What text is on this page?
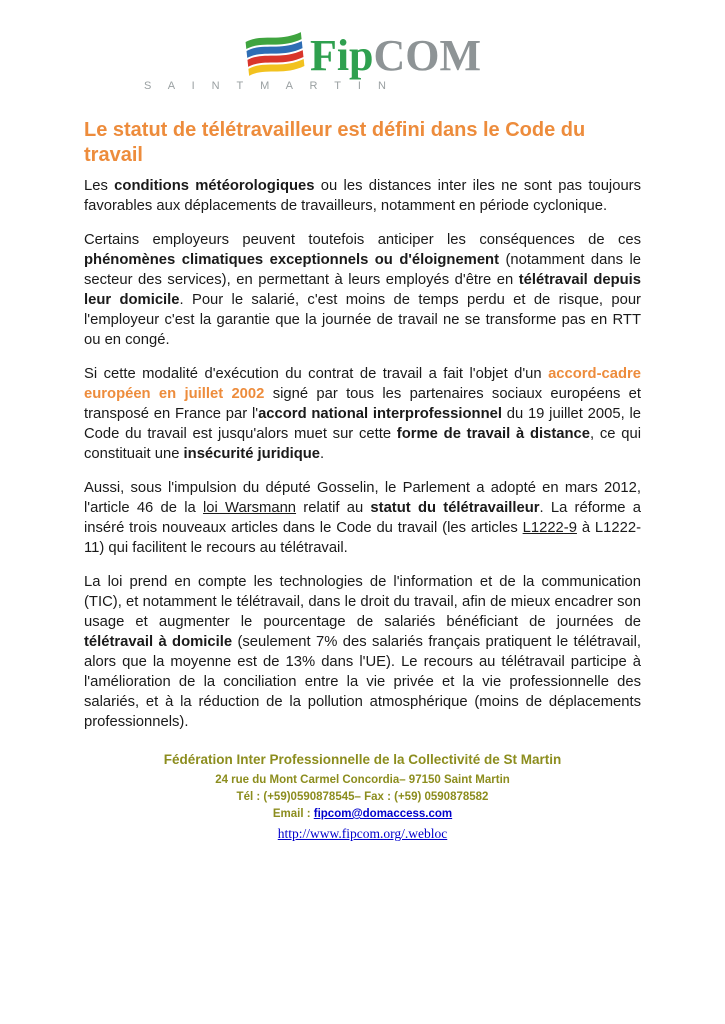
FipCOM
S A I N T M A R T I N
Le statut de télétravailleur est défini dans le Code du travail

Les conditions météorologiques ou les distances inter iles ne sont pas toujours favorables aux déplacements de travailleurs, notamment en période cyclonique.

Certains employeurs peuvent toutefois anticiper les conséquences de ces phénomènes climatiques exceptionnels ou d'éloignement (notamment dans le secteur des services), en permettant à leurs employés d'être en télétravail depuis leur domicile. Pour le salarié, c'est moins de temps perdu et de risque, pour l'employeur c'est la garantie que la journée de travail ne se transforme pas en RTT ou en congé.

Si cette modalité d'exécution du contrat de travail a fait l'objet d'un accord-cadre européen en juillet 2002 signé par tous les partenaires sociaux européens et transposé en France par l'accord national interprofessionnel du 19 juillet 2005, le Code du travail est jusqu'alors muet sur cette forme de travail à distance, ce qui constituait une insécurité juridique.

Aussi, sous l'impulsion du député Gosselin, le Parlement a adopté en mars 2012, l'article 46 de la loi Warsmann relatif au statut du télétravailleur. La réforme a inséré trois nouveaux articles dans le Code du travail (les articles L1222-9 à L1222-11) qui facilitent le recours au télétravail.

La loi prend en compte les technologies de l'information et de la communication (TIC), et notamment le télétravail, dans le droit du travail, afin de mieux encadrer son usage et augmenter le pourcentage de salariés bénéficiant de journées de télétravail à domicile (seulement 7% des salariés français pratiquent le télétravail, alors que la moyenne est de 13% dans l'UE). Le recours au télétravail participe à l'amélioration de la conciliation entre la vie privée et la vie professionnelle des salariés, et à la réduction de la pollution atmosphérique (moins de déplacements professionnels).

Fédération Inter Professionnelle de la Collectivité de St Martin
24 rue du Mont Carmel Concordia– 97150 Saint Martin
Tél : (+59)0590878545– Fax : (+59) 0590878582
Email : fipcom@domaccess.com
http://www.fipcom.org/.webloc
